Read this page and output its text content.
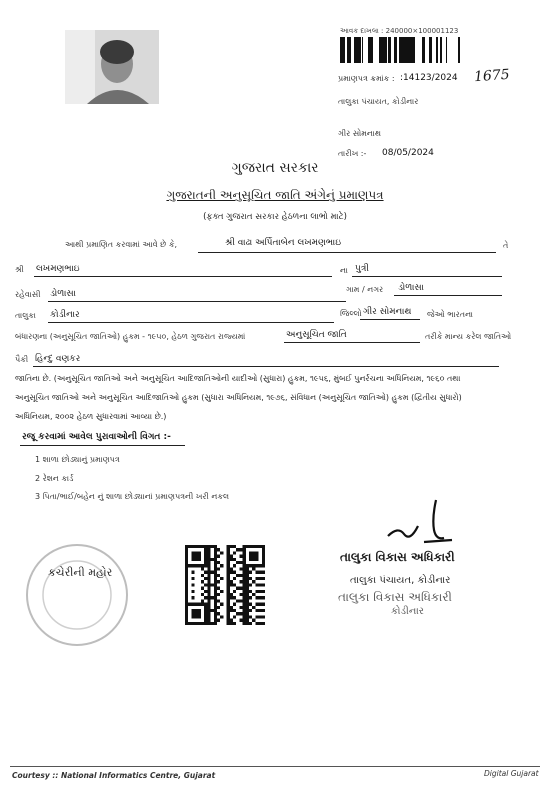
આવક દાખલા : 240000×100001123
પ્રમાણપત્ર ક્રમાંક : :14123/2024 1675
તાલુકા પંચાયત, કોડીનાર
ગીર સોમનાથ
તારીખ :- 08/05/2024
ગુજરાત સરકાર
ગુજરાતની અનુસૂચિત જાતિ અંગેનું પ્રમાણપત્ર
(ફક્ત ગુજરાત સરકાર હેઠળના લાભો માટે)
આથી પ્રમાણિત કરવામાં આવે છે કે,	શ્રી વાઢા અર્પિતાબેન લખમણભાઇ	તે
શ્રી લખમણભાઇ	ના પુત્રી
રહેવાસી ડોળાસા	ગામ / નગર ડોળાસા
તાલુકા કોડીનાર	જિલ્લો ગીર સોમનાથ જેઓ ભારતના
બંધારણના (અનુસૂચિત જાતિઓ) હુકમ - ૧૯૫૦, હેઠળ ગુજરાત રાજ્યમાં	અનુસૂચિત જાતિ	તરીકે માન્ય કરેલ જાતિઓ
પૈકી હિન્દુ વણકર
જાતિના છે. (અનુસૂચિત જાતિઓ અને અનુસૂચિત આદિજાતિઓની યાદીઓ (સુધારા) હુકમ, ૧૯૫૬, મુંબઈ પુનર્રચના અધિનિયમ, ૧૯૬૦ તથા
અનુસૂચિત જાતિઓ અને અનુસૂચિત આદિજાતિઓ હુકમ (સુધારા અધિનિયમ, ૧૯૭૬, સંવિધાન (અનુસૂચિત જાતિઓ) હુકમ (દ્વિતીય સુધારો)
અધિનિયમ, ૨૦૦૨ હેઠળ સુધારવામાં આવ્યા છે.)
રજૂ કરવામાં આવેલ પુરાવાઓની વિગત :-
1 શાળા છોડ્યાનું પ્રમાણપત્ર
2 રેશન કાર્ડ
3 પિતા/ભાઈ/બહેન નું શાળા છોડ્યાનાં પ્રમાણપત્રની ખરી નકલ
કચેરીની મહોર
તાલુકા વિકાસ અધિકારી
તાલુકા પંચાયત, કોડીનાર
તાલુકા વિકાસ અધિકારી
કોડીનાર
Courtesy :: National Informatics Centre, Gujarat	Digital Gujarat
